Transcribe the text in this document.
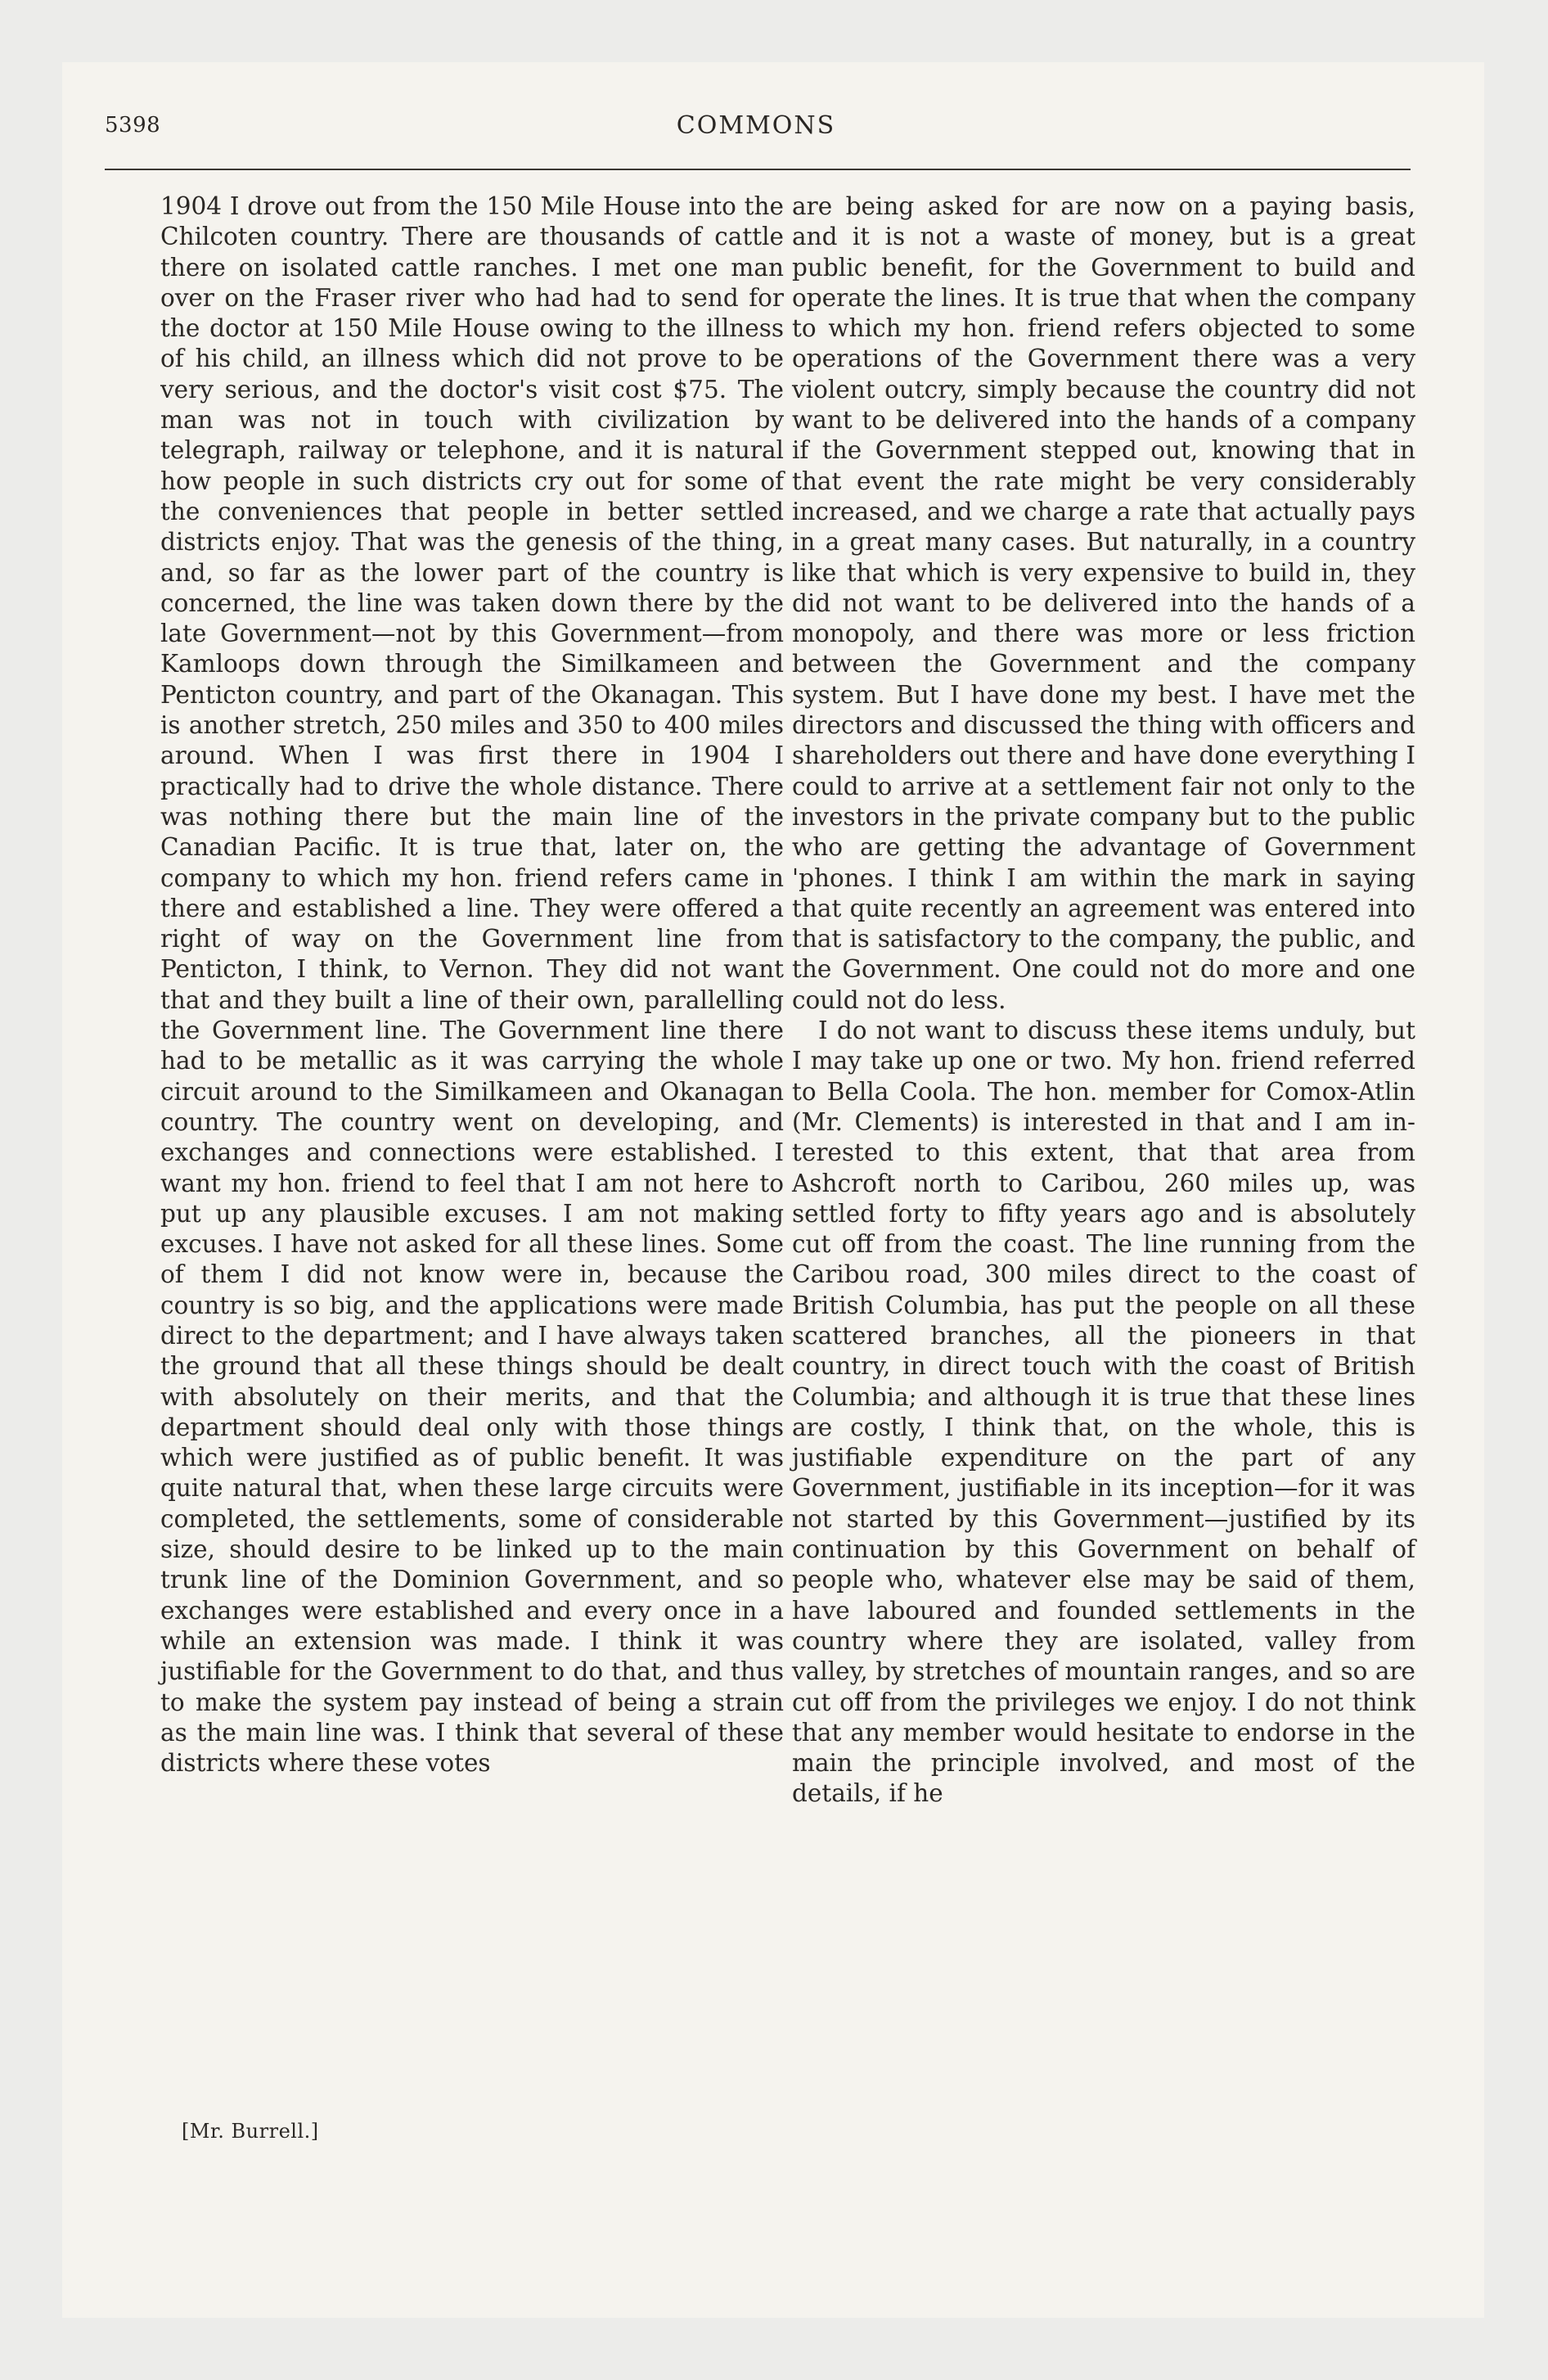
5398	COMMONS

1904 I drove out from the 150 Mile House into the Chilcoten country. There are thousands of cattle there on isolated cattle ranches. I met one man over on the Fraser river who had had to send for the doctor at 150 Mile House owing to the illness of his child, an illness which did not prove to be very serious, and the doctor's visit cost $75. The man was not in touch with civilization by telegraph, railway or telephone, and it is natural how people in such districts cry out for some of the conveniences that people in better settled districts enjoy. That was the genesis of the thing, and, so far as the lower part of the country is concerned, the line was taken down there by the late Government—not by this Government—from Kamloops down through the Similkameen and Penticton country, and part of the Okanagan. This is another stretch, 250 miles and 350 to 400 miles around. When I was first there in 1904 I practically had to drive the whole distance. There was nothing there but the main line of the Canadian Pacific. It is true that, later on, the company to which my hon. friend refers came in there and established a line. They were offered a right of way on the Government line from Penticton, I think, to Vernon. They did not want that and they built a line of their own, parallelling the Government line. The Government line there had to be metallic as it was carrying the whole circuit around to the Similkameen and Okanagan country. The country went on developing, and exchanges and connections were established. I want my hon. friend to feel that I am not here to put up any plausible excuses. I am not making excuses. I have not asked for all these lines. Some of them I did not know were in, because the country is so big, and the applications were made direct to the department; and I have always taken the ground that all these things should be dealt with absolutely on their merits, and that the department should deal only with those things which were justified as of public benefit. It was quite natural that, when these large circuits were completed, the settlements, some of considerable size, should desire to be linked up to the main trunk line of the Dominion Government, and so exchanges were established and every once in a while an extension was made. I think it was justifiable for the Government to do that, and thus to make the system pay instead of being a strain as the main line was. I think that several of these districts where these votes

are being asked for are now on a paying basis, and it is not a waste of money, but is a great public benefit, for the Government to build and operate the lines. It is true that when the company to which my hon. friend refers objected to some operations of the Government there was a very violent outcry, simply because the country did not want to be delivered into the hands of a company if the Government stepped out, knowing that in that event the rate might be very considerably increased, and we charge a rate that actually pays in a great many cases. But naturally, in a country like that which is very expensive to build in, they did not want to be delivered into the hands of a monopoly, and there was more or less friction between the Government and the company system. But I have done my best. I have met the directors and discussed the thing with officers and shareholders out there and have done everything I could to arrive at a settlement fair not only to the investors in the private company but to the public who are getting the advantage of Government 'phones. I think I am within the mark in saying that quite recently an agreement was entered into that is satisfactory to the company, the public, and the Government. One could not do more and one could not do less.

I do not want to discuss these items unduly, but I may take up one or two. My hon. friend referred to Bella Coola. The hon. member for Comox-Atlin (Mr. Clements) is interested in that and I am interested to this extent, that that area from Ashcroft north to Caribou, 260 miles up, was settled forty to fifty years ago and is absolutely cut off from the coast. The line running from the Caribou road, 300 miles direct to the coast of British Columbia, has put the people on all these scattered branches, all the pioneers in that country, in direct touch with the coast of British Columbia; and although it is true that these lines are costly, I think that, on the whole, this is justifiable expenditure on the part of any Government, justifiable in its inception—for it was not started by this Government—justified by its continuation by this Government on behalf of people who, whatever else may be said of them, have laboured and founded settlements in the country where they are isolated, valley from valley, by stretches of mountain ranges, and so are cut off from the privileges we enjoy. I do not think that any member would hesitate to endorse in the main the principle involved, and most of the details, if he

[Mr. Burrell.]
